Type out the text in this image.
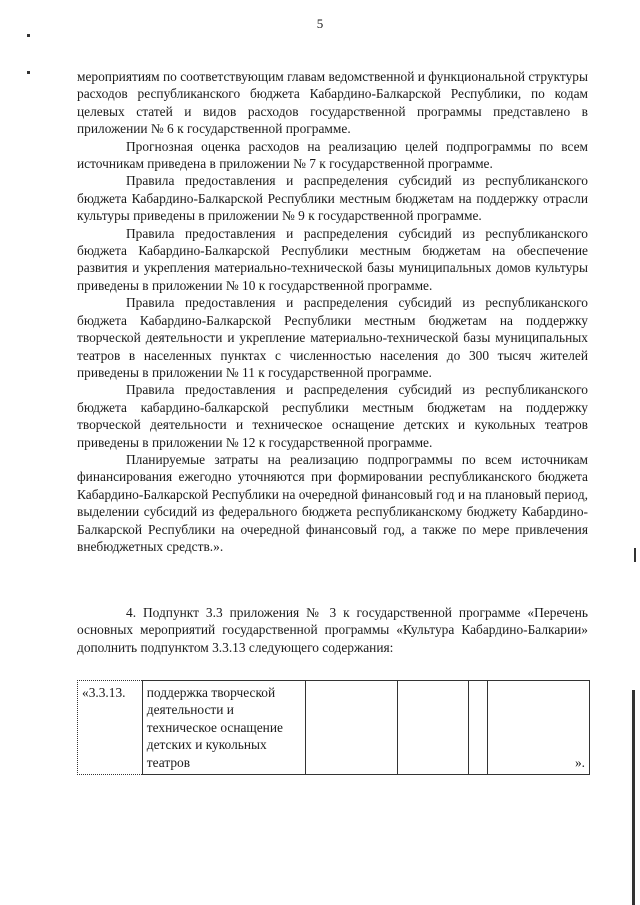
5

мероприятиям по соответствующим главам ведомственной и функциональной структуры расходов республиканского бюджета Кабардино-Балкарской Республики, по кодам целевых статей и видов расходов государственной программы представлено в приложении № 6 к государственной программе.

Прогнозная оценка расходов на реализацию целей подпрограммы по всем источникам приведена в приложении № 7 к государственной программе.

Правила предоставления и распределения субсидий из республиканского бюджета Кабардино-Балкарской Республики местным бюджетам на поддержку отрасли культуры приведены в приложении № 9 к государственной программе.

Правила предоставления и распределения субсидий из республиканского бюджета Кабардино-Балкарской Республики местным бюджетам на обеспечение развития и укрепления материально-технической базы муниципальных домов культуры приведены в приложении № 10 к государственной программе.

Правила предоставления и распределения субсидий из республиканского бюджета Кабардино-Балкарской Республики местным бюджетам на поддержку творческой деятельности и укрепление материально-технической базы муниципальных театров в населенных пунктах с численностью населения до 300 тысяч жителей приведены в приложении № 11 к государственной программе.

Правила предоставления и распределения субсидий из республиканского бюджета кабардино-балкарской республики местным бюджетам на поддержку творческой деятельности и техническое оснащение детских и кукольных театров приведены в приложении № 12 к государственной программе.

Планируемые затраты на реализацию подпрограммы по всем источникам финансирования ежегодно уточняются при формировании республиканского бюджета Кабардино-Балкарской Республики на очередной финансовый год и на плановый период, выделении субсидий из федерального бюджета республиканскому бюджету Кабардино-Балкарской Республики на очередной финансовый год, а также по мере привлечения внебюджетных средств.».

4. Подпункт 3.3 приложения № 3 к государственной программе «Перечень основных мероприятий государственной программы «Культура Кабардино-Балкарии» дополнить подпунктом 3.3.13 следующего содержания:

«3.3.13.	поддержка творческой деятельности и техническое оснащение детских и кукольных театров				».
